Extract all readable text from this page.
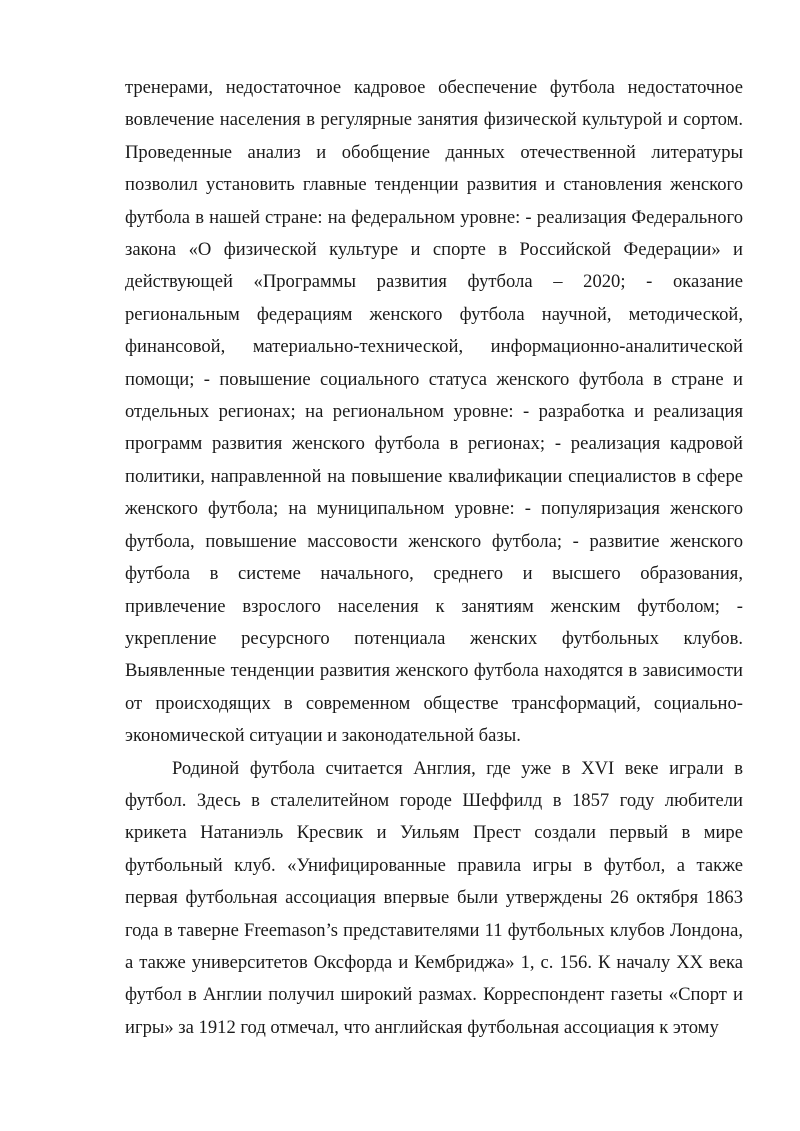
тренерами, недостаточное кадровое обеспечение футбола недостаточное вовлечение населения в регулярные занятия физической культурой и сортом. Проведенные анализ и обобщение данных отечественной литературы позволил установить главные тенденции развития и становления женского футбола в нашей стране: на федеральном уровне: ‐ реализация Федерального закона «О физической культуре и спорте в Российской Федерации» и действующей «Программы развития футбола – 2020; ‐ оказание региональным федерациям женского футбола научной, методической, финансовой, материально-технической, информационно-аналитической помощи; ‐ повышение социального статуса женского футбола в стране и отдельных регионах; на региональном уровне: ‐ разработка и реализация программ развития женского футбола в регионах; ‐ реализация кадровой политики, направленной на повышение квалификации специалистов в сфере женского футбола; на муниципальном уровне: ‐ популяризация женского футбола, повышение массовости женского футбола; ‐ развитие женского футбола в системе начального, среднего и высшего образования, привлечение взрослого населения к занятиям женским футболом; ‐ укрепление ресурсного потенциала женских футбольных клубов. Выявленные тенденции развития женского футбола находятся в зависимости от происходящих в современном обществе трансформаций, социально-экономической ситуации и законодательной базы.

Родиной футбола считается Англия, где уже в XVI веке играли в футбол. Здесь в сталелитейном городе Шеффилд в 1857 году любители крикета Натаниэль Кресвик и Уильям Прест создали первый в мире футбольный клуб. «Унифицированные правила игры в футбол, а также первая футбольная ассоциация впервые были утверждены 26 октября 1863 года в таверне Freemason’s представителями 11 футбольных клубов Лондона, а также университетов Оксфорда и Кембриджа» 1, с. 156. К началу XX века футбол в Англии получил широкий размах. Корреспондент газеты «Спорт и игры» за 1912 год отмечал, что английская футбольная ассоциация к этому
